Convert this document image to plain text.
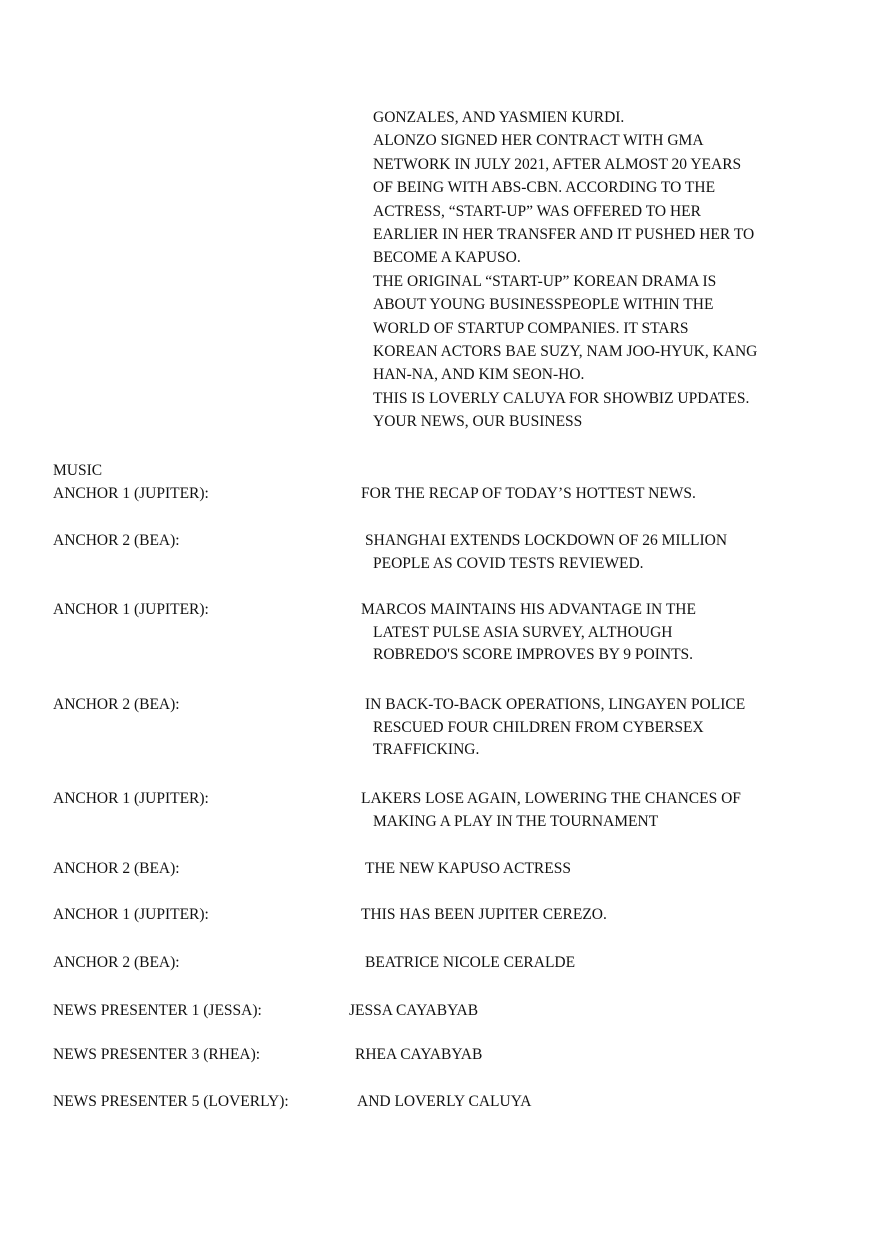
GONZALES, AND YASMIEN KURDI.
ALONZO SIGNED HER CONTRACT WITH GMA
NETWORK IN JULY 2021, AFTER ALMOST 20 YEARS
OF BEING WITH ABS-CBN. ACCORDING TO THE
ACTRESS, “START-UP” WAS OFFERED TO HER
EARLIER IN HER TRANSFER AND IT PUSHED HER TO
BECOME A KAPUSO.
THE ORIGINAL “START-UP” KOREAN DRAMA IS
ABOUT YOUNG BUSINESSPEOPLE WITHIN THE
WORLD OF STARTUP COMPANIES. IT STARS
KOREAN ACTORS BAE SUZY, NAM JOO-HYUK, KANG
HAN-NA, AND KIM SEON-HO.
THIS IS LOVERLY CALUYA FOR SHOWBIZ UPDATES.
YOUR NEWS, OUR BUSINESS
MUSIC
ANCHOR 1 (JUPITER):	FOR THE RECAP OF TODAY’S HOTTEST NEWS.
ANCHOR 2 (BEA):	SHANGHAI EXTENDS LOCKDOWN OF 26 MILLION
PEOPLE AS COVID TESTS REVIEWED.
ANCHOR 1 (JUPITER):	MARCOS MAINTAINS HIS ADVANTAGE IN THE
LATEST PULSE ASIA SURVEY, ALTHOUGH
ROBREDO'S SCORE IMPROVES BY 9 POINTS.
ANCHOR 2 (BEA):	IN BACK-TO-BACK OPERATIONS, LINGAYEN POLICE
RESCUED FOUR CHILDREN FROM CYBERSEX
TRAFFICKING.
ANCHOR 1 (JUPITER):	LAKERS LOSE AGAIN, LOWERING THE CHANCES OF
MAKING A PLAY IN THE TOURNAMENT
ANCHOR 2 (BEA):	THE NEW KAPUSO ACTRESS
ANCHOR 1 (JUPITER):	THIS HAS BEEN JUPITER CEREZO.
ANCHOR 2 (BEA):	BEATRICE NICOLE CERALDE
NEWS PRESENTER 1 (JESSA):	JESSA CAYABYAB
NEWS PRESENTER 3 (RHEA):	RHEA CAYABYAB
NEWS PRESENTER 5 (LOVERLY):	AND LOVERLY CALUYA
